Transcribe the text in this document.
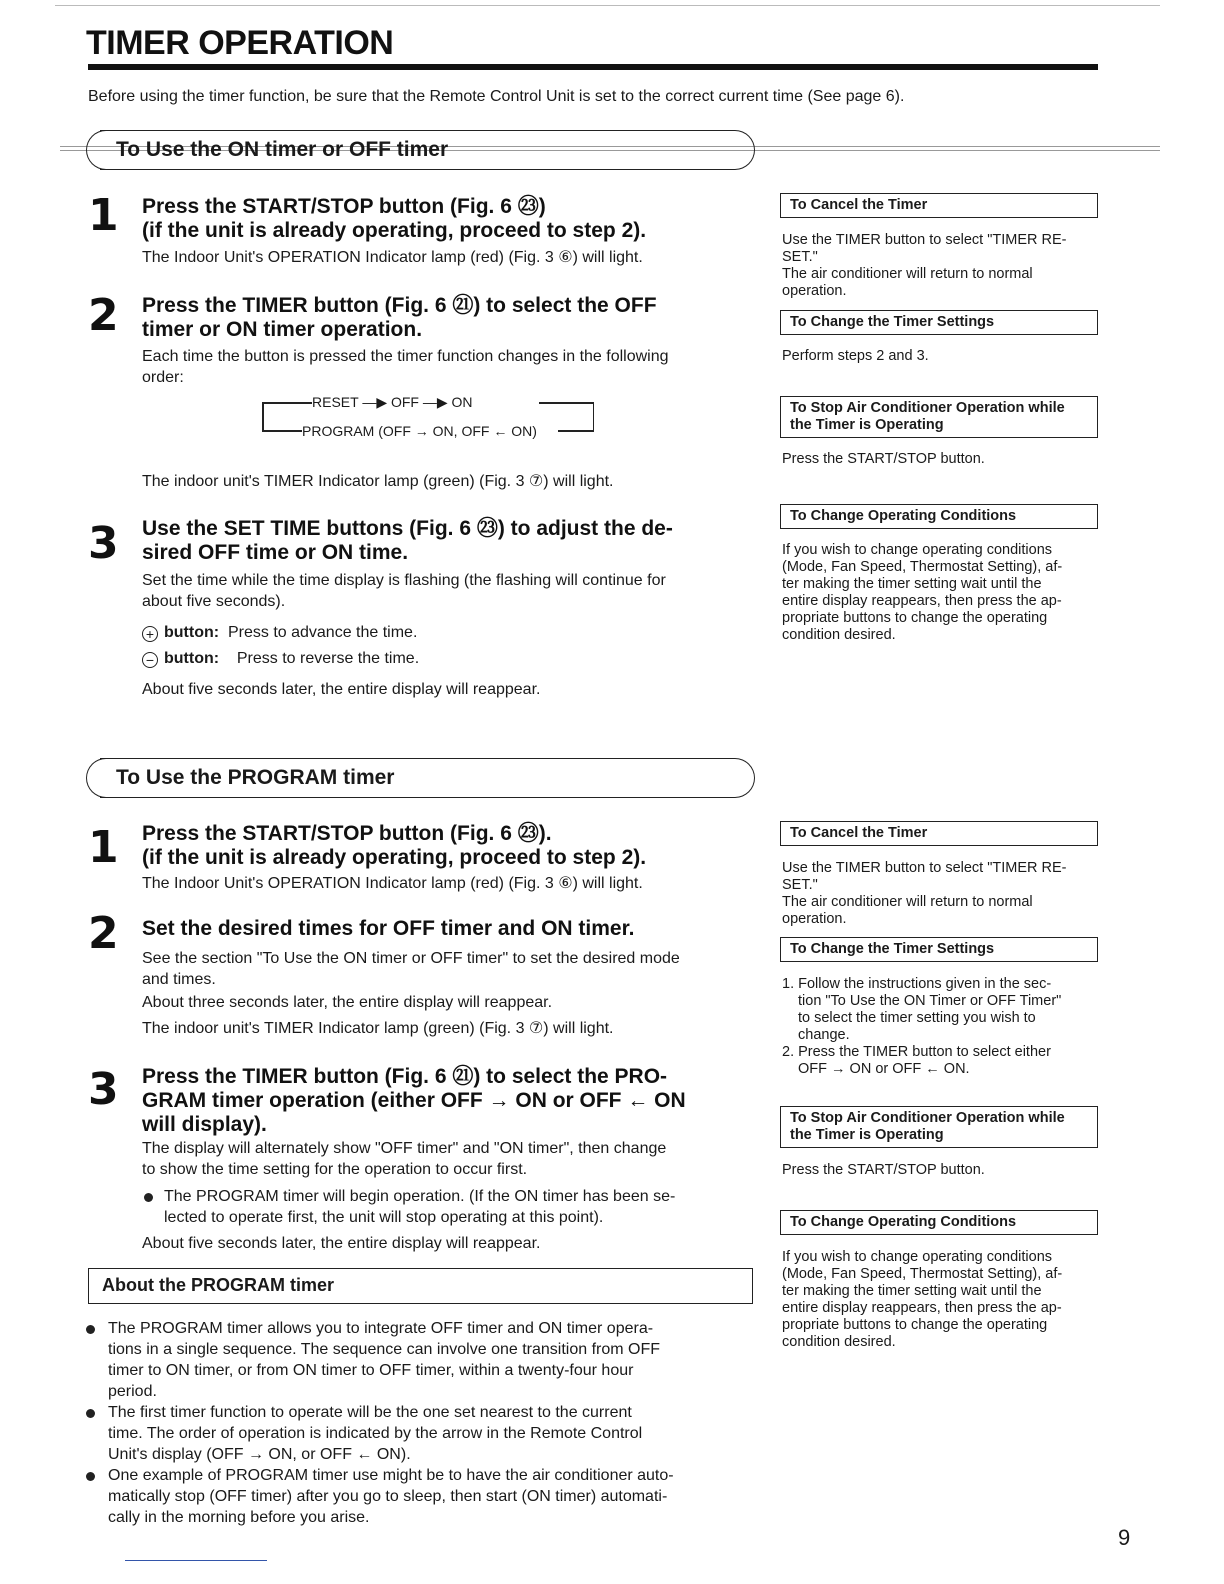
TIMER OPERATION
Before using the timer function, be sure that the Remote Control Unit is set to the correct current time (See page 6).
To Use the ON timer or OFF timer
1 Press the START/STOP button (Fig. 6 ㉓)
(if the unit is already operating, proceed to step 2).
The Indoor Unit's OPERATION Indicator lamp (red) (Fig. 3 ⑥) will light.
2 Press the TIMER button (Fig. 6 ㉑) to select the OFF
timer or ON timer operation.
Each time the button is pressed the timer function changes in the following
order:
RESET —▶ OFF —▶ ON
PROGRAM (OFF → ON, OFF ← ON)
The indoor unit's TIMER Indicator lamp (green) (Fig. 3 ⑦) will light.
3 Use the SET TIME buttons (Fig. 6 ㉓) to adjust the de-
sired OFF time or ON time.
Set the time while the time display is flashing (the flashing will continue for
about five seconds).
+ button: Press to advance the time.
− button: Press to reverse the time.
About five seconds later, the entire display will reappear.
To Cancel the Timer
Use the TIMER button to select "TIMER RE-
SET."
The air conditioner will return to normal
operation.
To Change the Timer Settings
Perform steps 2 and 3.
To Stop Air Conditioner Operation while
the Timer is Operating
Press the START/STOP button.
To Change Operating Conditions
If you wish to change operating conditions
(Mode, Fan Speed, Thermostat Setting), af-
ter making the timer setting wait until the
entire display reappears, then press the ap-
propriate buttons to change the operating
condition desired.
To Use the PROGRAM timer
1 Press the START/STOP button (Fig. 6 ㉓).
(if the unit is already operating, proceed to step 2).
The Indoor Unit's OPERATION Indicator lamp (red) (Fig. 3 ⑥) will light.
2 Set the desired times for OFF timer and ON timer.
See the section "To Use the ON timer or OFF timer" to set the desired mode
and times.
About three seconds later, the entire display will reappear.
The indoor unit's TIMER Indicator lamp (green) (Fig. 3 ⑦) will light.
3 Press the TIMER button (Fig. 6 ㉑) to select the PRO-
GRAM timer operation (either OFF → ON or OFF ← ON
will display).
The display will alternately show "OFF timer" and "ON timer", then change
to show the time setting for the operation to occur first.
The PROGRAM timer will begin operation. (If the ON timer has been se-
lected to operate first, the unit will stop operating at this point).
About five seconds later, the entire display will reappear.
About the PROGRAM timer
The PROGRAM timer allows you to integrate OFF timer and ON timer opera-
tions in a single sequence. The sequence can involve one transition from OFF
timer to ON timer, or from ON timer to OFF timer, within a twenty-four hour
period.
The first timer function to operate will be the one set nearest to the current
time. The order of operation is indicated by the arrow in the Remote Control
Unit's display (OFF → ON, or OFF ← ON).
One example of PROGRAM timer use might be to have the air conditioner auto-
matically stop (OFF timer) after you go to sleep, then start (ON timer) automati-
cally in the morning before you arise.
To Cancel the Timer
Use the TIMER button to select "TIMER RE-
SET."
The air conditioner will return to normal
operation.
To Change the Timer Settings
1. Follow the instructions given in the sec-
tion "To Use the ON Timer or OFF Timer"
to select the timer setting you wish to
change.
2. Press the TIMER button to select either
OFF → ON or OFF ← ON.
To Stop Air Conditioner Operation while
the Timer is Operating
Press the START/STOP button.
To Change Operating Conditions
If you wish to change operating conditions
(Mode, Fan Speed, Thermostat Setting), af-
ter making the timer setting wait until the
entire display reappears, then press the ap-
propriate buttons to change the operating
condition desired.
9
